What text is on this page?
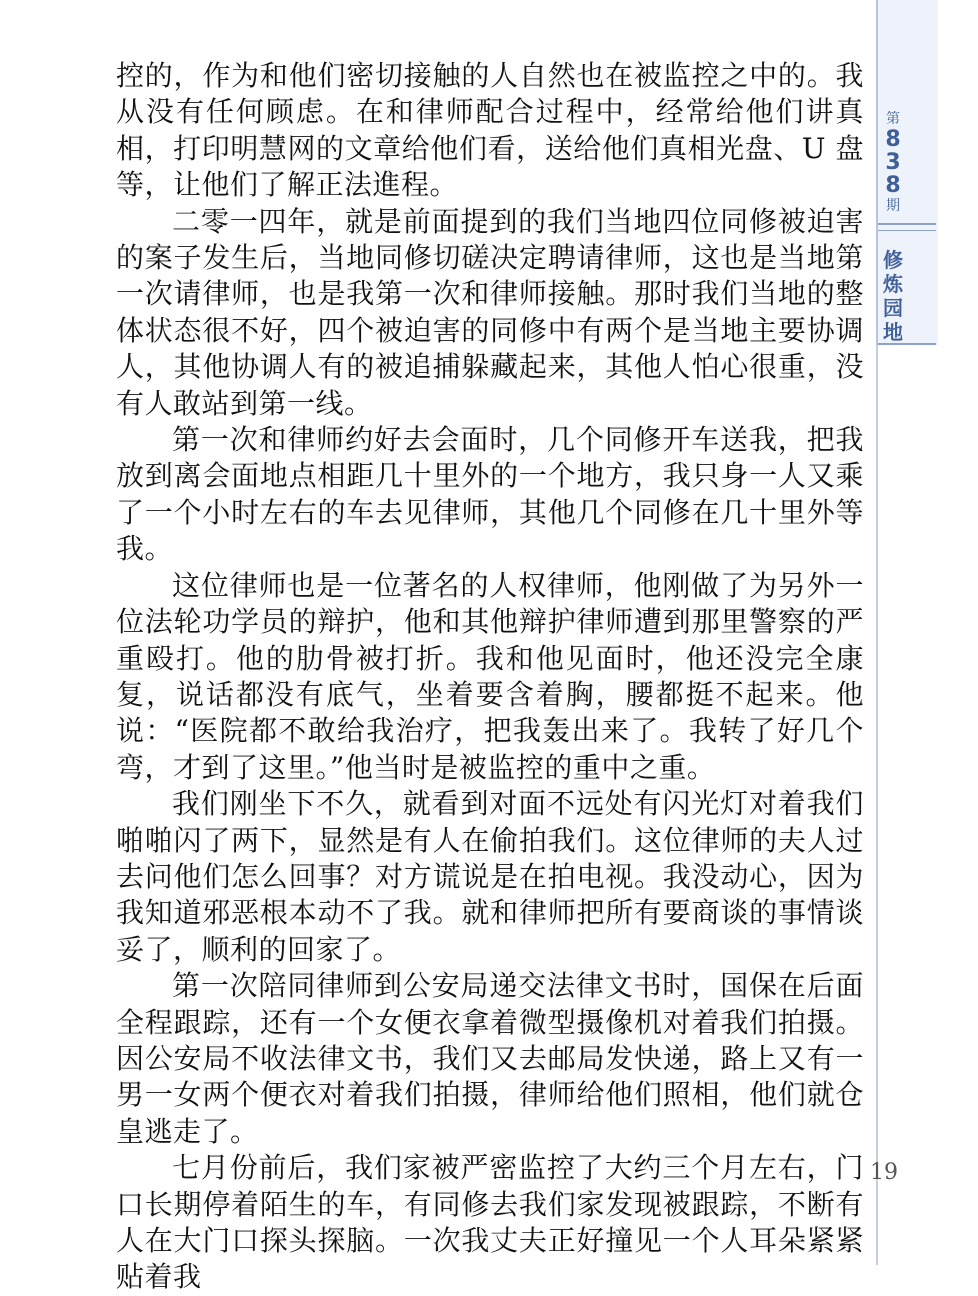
控的，作为和他们密切接触的人自然也在被监控之中的。我从没有任何顾虑。在和律师配合过程中，经常给他们讲真相，打印明慧网的文章给他们看，送给他们真相光盘、U 盘等，让他们了解正法進程。

二零一四年，就是前面提到的我们当地四位同修被迫害的案子发生后，当地同修切磋决定聘请律师，这也是当地第一次请律师，也是我第一次和律师接触。那时我们当地的整体状态很不好，四个被迫害的同修中有两个是当地主要协调人，其他协调人有的被追捕躲藏起来，其他人怕心很重，没有人敢站到第一线。

第一次和律师约好去会面时，几个同修开车送我，把我放到离会面地点相距几十里外的一个地方，我只身一人又乘了一个小时左右的车去见律师，其他几个同修在几十里外等我。

这位律师也是一位著名的人权律师，他刚做了为另外一位法轮功学员的辩护，他和其他辩护律师遭到那里警察的严重殴打。他的肋骨被打折。我和他见面时，他还没完全康复，说话都没有底气，坐着要含着胸，腰都挺不起来。他说：“医院都不敢给我治疗，把我轰出来了。我转了好几个弯，才到了这里。”他当时是被监控的重中之重。

我们刚坐下不久，就看到对面不远处有闪光灯对着我们啪啪闪了两下，显然是有人在偷拍我们。这位律师的夫人过去问他们怎么回事？对方谎说是在拍电视。我没动心，因为我知道邪恶根本动不了我。就和律师把所有要商谈的事情谈妥了，顺利的回家了。

第一次陪同律师到公安局递交法律文书时，国保在后面全程跟踪，还有一个女便衣拿着微型摄像机对着我们拍摄。因公安局不收法律文书，我们又去邮局发快递，路上又有一男一女两个便衣对着我们拍摄，律师给他们照相，他们就仓皇逃走了。

七月份前后，我们家被严密监控了大约三个月左右，门口长期停着陌生的车，有同修去我们家发现被跟踪，不断有人在大门口探头探脑。一次我丈夫正好撞见一个人耳朵紧紧贴着我

第
8
3
8
期
修
炼
园
地
19
